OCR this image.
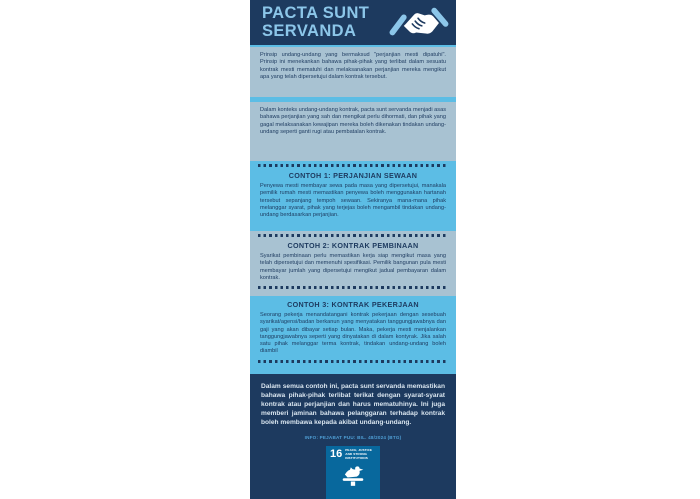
PACTA SUNT
SERVANDA
Prinsip undang-undang yang bermaksud "perjanjian mesti dipatuhi". Prinsip ini menekankan bahawa pihak-pihak yang terlibat dalam sesuatu kontrak mesti mematuhi dan melaksanakan perjanjian mereka mengikut apa yang telah dipersetujui dalam kontrak tersebut.
Dalam konteks undang-undang kontrak, pacta sunt servanda menjadi asas bahawa perjanjian yang sah dan mengikat perlu dihormati, dan pihak yang gagal melaksanakan kewajipan mereka boleh dikenakan tindakan undang-undang seperti ganti rugi atau pembatalan kontrak.
CONTOH 1: PERJANJIAN SEWAAN
Penyewa mesti membayar sewa pada masa yang dipersetujui, manakala pemilik rumah mesti memastikan penyewa boleh menggunakan hartanah tersebut sepanjang tempoh sewaan. Sekiranya mana-mana pihak melanggar syarat, pihak yang terjejas boleh mengambil tindakan undang-undang berdasarkan perjanjian.
CONTOH 2: KONTRAK PEMBINAAN
Syarikat pembinaan perlu memastikan kerja siap mengikut masa yang telah dipersetujui dan memenuhi spesifikasi. Pemilik bangunan pula mesti membayar jumlah yang dipersetujui mengikut jadual pembayaran dalam kontrak.
CONTOH 3: KONTRAK PEKERJAAN
Seorang pekerja menandatangani kontrak pekerjaan dengan sesebuah syarikat/agensi/badan berkanun yang menyatakan tanggungjawabnya dan gaji yang akan dibayar setiap bulan. Maka, pekerja mesti menjalankan tanggungjawabnya seperti yang dinyatakan di dalam kontyrak. Jika salah satu pihak melanggar terma kontrak, tindakan undang-undang boleh diambil
Dalam semua contoh ini, pacta sunt servanda memastikan bahawa pihak-pihak terlibat terikat dengan syarat-syarat kontrak atau perjanjian dan harus mematuhinya. Ini juga memberi jaminan bahawa pelanggaran terhadap kontrak boleh membawa kepada akibat undang-undang.
INFO: PEJABAT PUU: BIL. 48/2024 (BTG)
16 PEACE, JUSTICE
AND STRONG
INSTITUTIONS
